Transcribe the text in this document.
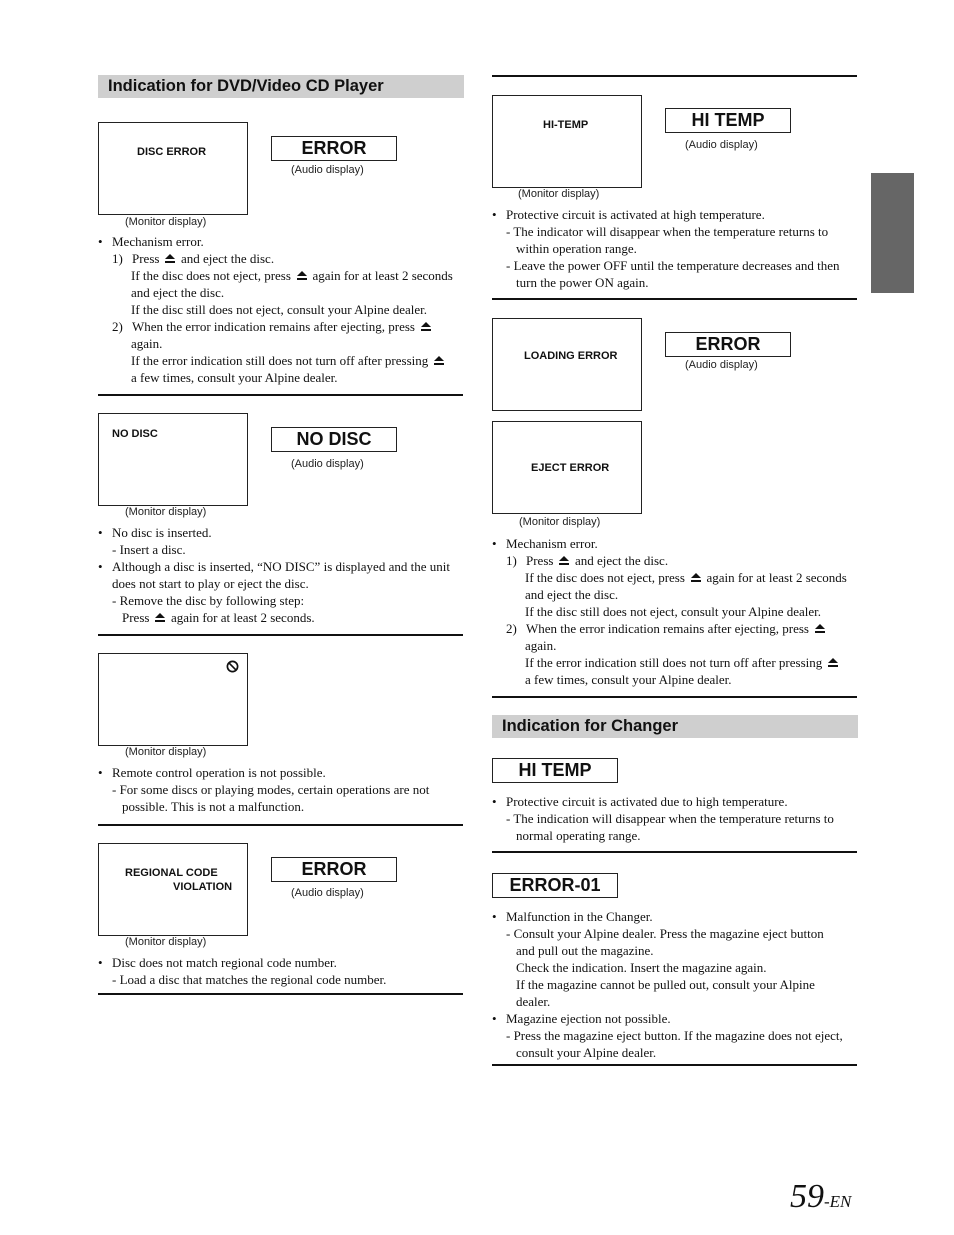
Indication for DVD/Video CD Player
DISC ERROR	ERROR
(Audio display)
(Monitor display)
• Mechanism error.
1) Press and eject the disc.
If the disc does not eject, press again for at least 2 seconds
and eject the disc.
If the disc still does not eject, consult your Alpine dealer.
2) When the error indication remains after ejecting, press
again.
If the error indication still does not turn off after pressing
a few times, consult your Alpine dealer.
NO DISC	NO DISC
(Audio display)
(Monitor display)
• No disc is inserted.
- Insert a disc.
• Although a disc is inserted, “NO DISC” is displayed and the unit
does not start to play or eject the disc.
- Remove the disc by following step:
Press again for at least 2 seconds.
(Monitor display)
• Remote control operation is not possible.
- For some discs or playing modes, certain operations are not
possible. This is not a malfunction.
REGIONAL CODE
VIOLATION
ERROR
(Audio display)
(Monitor display)
• Disc does not match regional code number.
- Load a disc that matches the regional code number.
HI-TEMP	HI TEMP
(Audio display)
(Monitor display)
• Protective circuit is activated at high temperature.
- The indicator will disappear when the temperature returns to
within operation range.
- Leave the power OFF until the temperature decreases and then
turn the power ON again.
LOADING ERROR
ERROR
(Audio display)
EJECT ERROR
(Monitor display)
• Mechanism error.
1) Press and eject the disc.
If the disc does not eject, press again for at least 2 seconds
and eject the disc.
If the disc still does not eject, consult your Alpine dealer.
2) When the error indication remains after ejecting, press
again.
If the error indication still does not turn off after pressing
a few times, consult your Alpine dealer.
Indication for Changer
HI TEMP
• Protective circuit is activated due to high temperature.
- The indication will disappear when the temperature returns to
normal operating range.
ERROR-01
• Malfunction in the Changer.
- Consult your Alpine dealer. Press the magazine eject button
and pull out the magazine.
Check the indication. Insert the magazine again.
If the magazine cannot be pulled out, consult your Alpine
dealer.
• Magazine ejection not possible.
- Press the magazine eject button. If the magazine does not eject,
consult your Alpine dealer.
59-EN
